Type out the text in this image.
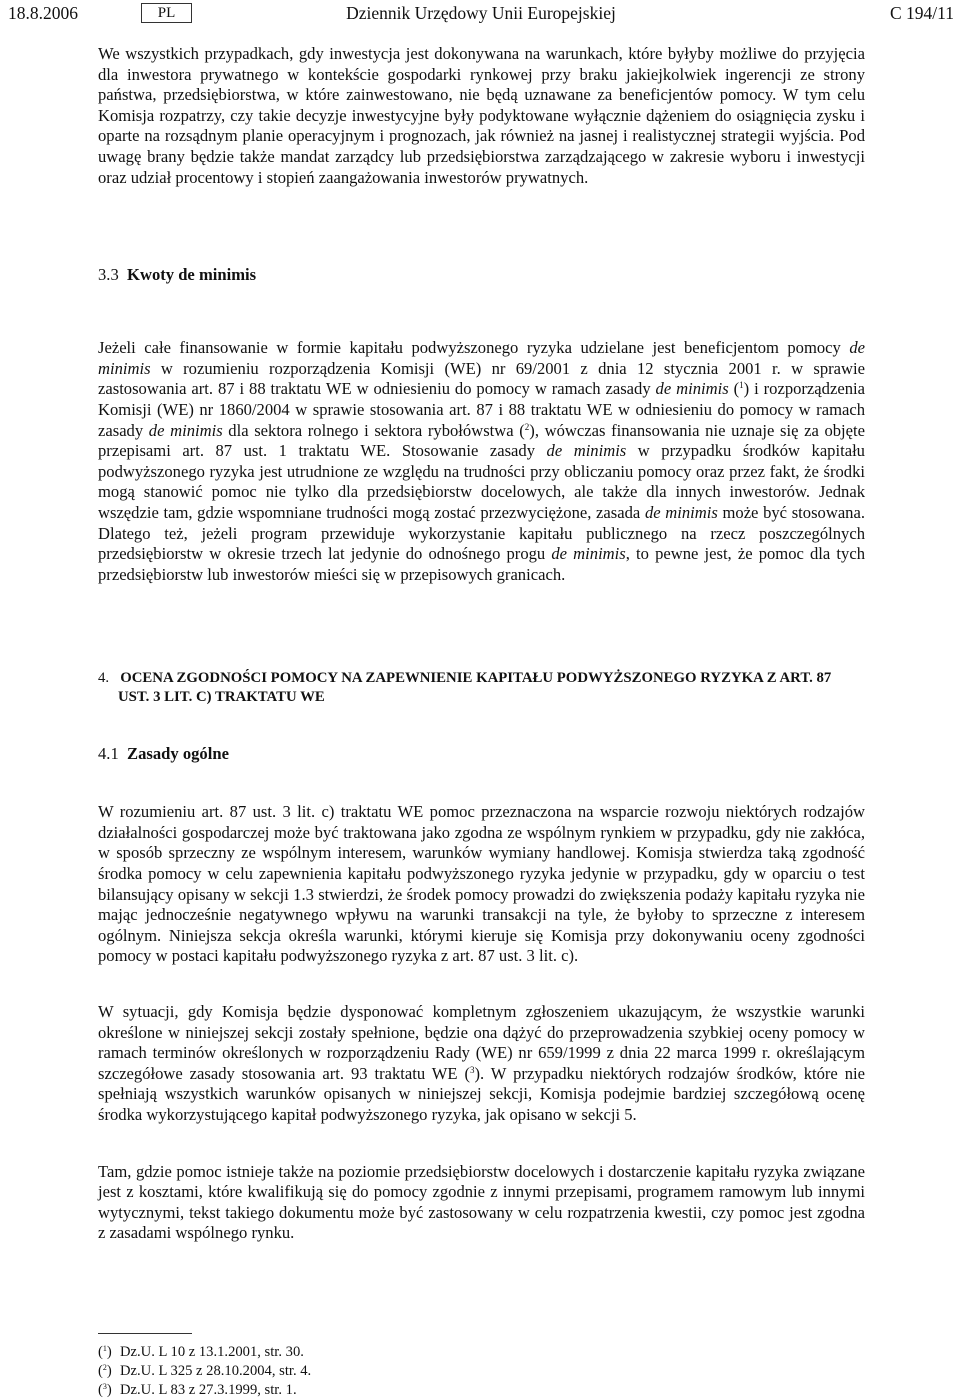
18.8.2006	PL	Dziennik Urzędowy Unii Europejskiej	C 194/11

We wszystkich przypadkach, gdy inwestycja jest dokonywana na warunkach, które byłyby możliwe do przyjęcia dla inwestora prywatnego w kontekście gospodarki rynkowej przy braku jakiejkolwiek ingerencji ze strony państwa, przedsiębiorstwa, w które zainwestowano, nie będą uznawane za beneficjentów pomocy. W tym celu Komisja rozpatrzy, czy takie decyzje inwestycyjne były podyktowane wyłącznie dążeniem do osiągnięcia zysku i oparte na rozsądnym planie operacyjnym i prognozach, jak również na jasnej i realistycznej strategii wyjścia. Pod uwagę brany będzie także mandat zarządcy lub przedsiębiorstwa zarządzającego w zakresie wyboru i inwestycji oraz udział procentowy i stopień zaangażowania inwestorów prywatnych.

3.3 Kwoty de minimis

Jeżeli całe finansowanie w formie kapitału podwyższonego ryzyka udzielane jest beneficjentom pomocy de minimis w rozumieniu rozporządzenia Komisji (WE) nr 69/2001 z dnia 12 stycznia 2001 r. w sprawie zastosowania art. 87 i 88 traktatu WE w odniesieniu do pomocy w ramach zasady de minimis ($^1$) i rozporządzenia Komisji (WE) nr 1860/2004 w sprawie stosowania art. 87 i 88 traktatu WE w odniesieniu do pomocy w ramach zasady de minimis dla sektora rolnego i sektora rybołówstwa ($^2$), wówczas finansowania nie uznaje się za objęte przepisami art. 87 ust. 1 traktatu WE. Stosowanie zasady de minimis w przypadku środków kapitału podwyższonego ryzyka jest utrudnione ze względu na trudności przy obliczaniu pomocy oraz przez fakt, że środki mogą stanowić pomoc nie tylko dla przedsiębiorstw docelowych, ale także dla innych inwestorów. Jednak wszędzie tam, gdzie wspomniane trudności mogą zostać przezwyciężone, zasada de minimis może być stosowana. Dlatego też, jeżeli program przewiduje wykorzystanie kapitału publicznego na rzecz poszczególnych przedsiębiorstw w okresie trzech lat jedynie do odnośnego progu de minimis, to pewne jest, że pomoc dla tych przedsiębiorstw lub inwestorów mieści się w przepisowych granicach.

4. OCENA ZGODNOŚCI POMOCY NA ZAPEWNIENIE KAPITAŁU PODWYŻSZONEGO RYZYKA Z ART. 87 UST. 3 LIT. C) TRAKTATU WE
4.1 Zasady ogólne

W rozumieniu art. 87 ust. 3 lit. c) traktatu WE pomoc przeznaczona na wsparcie rozwoju niektórych rodzajów działalności gospodarczej może być traktowana jako zgodna ze wspólnym rynkiem w przypadku, gdy nie zakłóca, w sposób sprzeczny ze wspólnym interesem, warunków wymiany handlowej. Komisja stwierdza taką zgodność środka pomocy w celu zapewnienia kapitału podwyższonego ryzyka jedynie w przypadku, gdy w oparciu o test bilansujący opisany w sekcji 1.3 stwierdzi, że środek pomocy prowadzi do zwiększenia podaży kapitału ryzyka nie mając jednocześnie negatywnego wpływu na warunki transakcji na tyle, że byłoby to sprzeczne z interesem ogólnym. Niniejsza sekcja określa warunki, którymi kieruje się Komisja przy dokonywaniu oceny zgodności pomocy w postaci kapitału podwyższonego ryzyka z art. 87 ust. 3 lit. c).

W sytuacji, gdy Komisja będzie dysponować kompletnym zgłoszeniem ukazującym, że wszystkie warunki określone w niniejszej sekcji zostały spełnione, będzie ona dążyć do przeprowadzenia szybkiej oceny pomocy w ramach terminów określonych w rozporządzeniu Rady (WE) nr 659/1999 z dnia 22 marca 1999 r. określającym szczegółowe zasady stosowania art. 93 traktatu WE ($^3$). W przypadku niektórych rodzajów środków, które nie spełniają wszystkich warunków opisanych w niniejszej sekcji, Komisja podejmie bardziej szczegółową ocenę środka wykorzystującego kapitał podwyższonego ryzyka, jak opisano w sekcji 5.

Tam, gdzie pomoc istnieje także na poziomie przedsiębiorstw docelowych i dostarczenie kapitału ryzyka związane jest z kosztami, które kwalifikują się do pomocy zgodnie z innymi przepisami, programem ramowym lub innymi wytycznymi, tekst takiego dokumentu może być zastosowany w celu rozpatrzenia kwestii, czy pomoc jest zgodna z zasadami wspólnego rynku.

($^1$) Dz.U. L 10 z 13.1.2001, str. 30.
($^2$) Dz.U. L 325 z 28.10.2004, str. 4.
($^3$) Dz.U. L 83 z 27.3.1999, str. 1.
